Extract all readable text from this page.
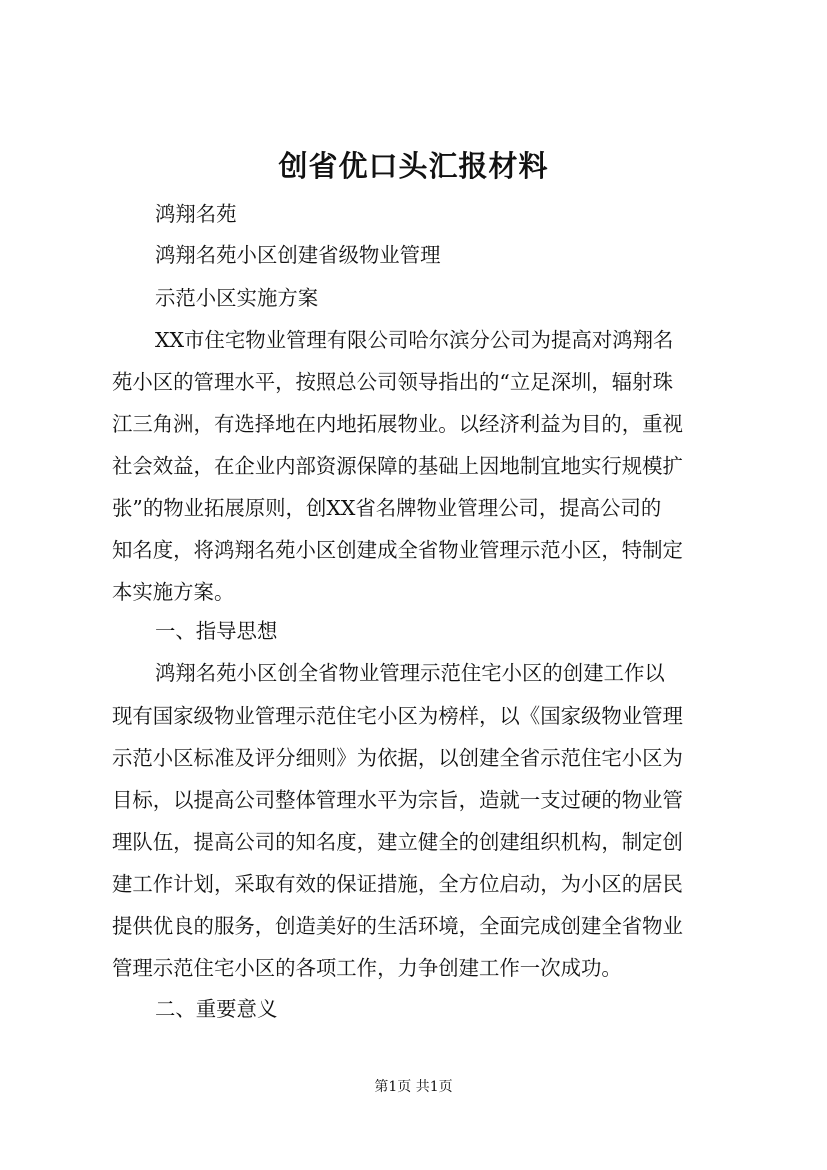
创省优口头汇报材料
鸿翔名苑
鸿翔名苑小区创建省级物业管理
示范小区实施方案
XX市住宅物业管理有限公司哈尔滨分公司为提高对鸿翔名
苑小区的管理水平，按照总公司领导指出的“立足深圳，辐射珠
江三角洲，有选择地在内地拓展物业。以经济利益为目的，重视
社会效益，在企业内部资源保障的基础上因地制宜地实行规模扩
张”的物业拓展原则，创XX省名牌物业管理公司，提高公司的
知名度，将鸿翔名苑小区创建成全省物业管理示范小区，特制定
本实施方案。
一、指导思想
鸿翔名苑小区创全省物业管理示范住宅小区的创建工作以
现有国家级物业管理示范住宅小区为榜样，以《国家级物业管理
示范小区标准及评分细则》为依据，以创建全省示范住宅小区为
目标，以提高公司整体管理水平为宗旨，造就一支过硬的物业管
理队伍，提高公司的知名度，建立健全的创建组织机构，制定创
建工作计划，采取有效的保证措施，全方位启动，为小区的居民
提供优良的服务，创造美好的生活环境，全面完成创建全省物业
管理示范住宅小区的各项工作，力争创建工作一次成功。
二、重要意义
第1页 共1页
